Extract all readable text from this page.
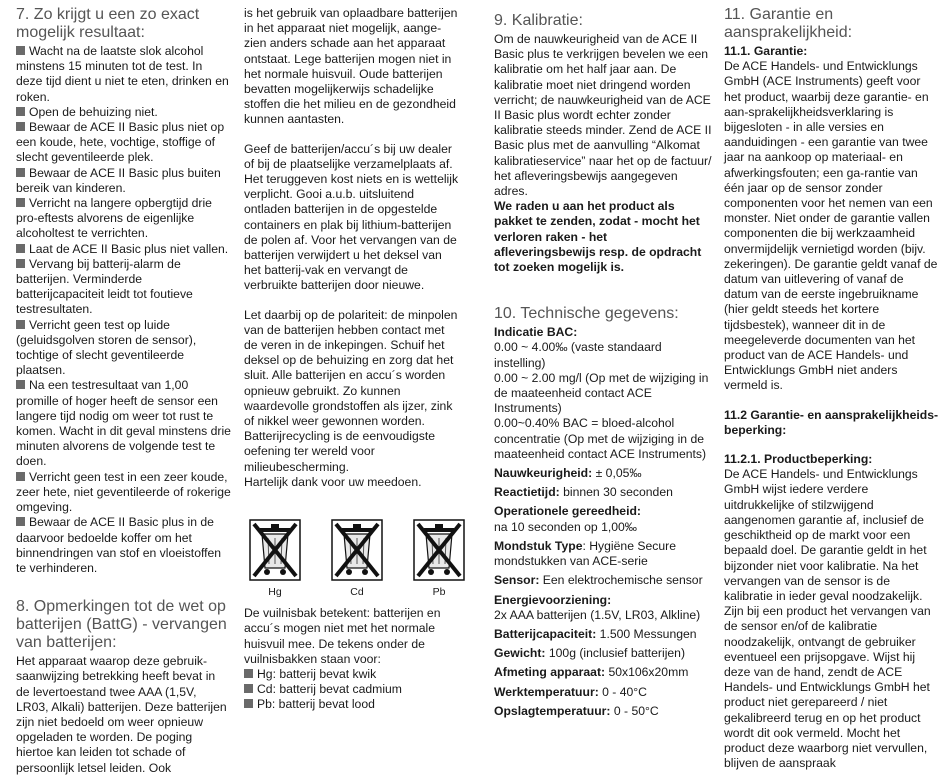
7. Zo krijgt u een zo exact mogelijk resultaat:

Wacht na de laatste slok alcohol minstens 15 minuten tot de test. In deze tijd dient u niet te eten, drinken en roken.

Open de behuizing niet.

Bewaar de ACE II Basic plus niet op een koude, hete, vochtige, stoffige of slecht geventileerde plek.

Bewaar de ACE II Basic plus buiten bereik van kinderen.

Verricht na langere opbergtijd drie pro-eftests alvorens de eigenlijke alcoholtest te verrichten.

Laat de ACE II Basic plus niet vallen.

Vervang bij batterij-alarm de batterijen. Verminderde batterijcapaciteit leidt tot foutieve testresultaten.

Verricht geen test op luide (geluidsgolven storen de sensor), tochtige of slecht geventileerde plaatsen.

Na een testresultaat van 1,00 promille of hoger heeft de sensor een langere tijd nodig om weer tot rust te komen. Wacht in dit geval minstens drie minuten alvorens de volgende test te doen.

Verricht geen test in een zeer koude, zeer hete, niet geventileerde of rokerige omgeving.

Bewaar de ACE II Basic plus in de daarvoor bedoelde koffer om het binnendringen van stof en vloeistoffen te verhinderen.

8. Opmerkingen tot de wet op batterijen (BattG) - vervangen van batterijen:

Het apparaat waarop deze gebruik-saanwijzing betrekking heeft bevat in de levertoestand twee AAA (1,5V, LR03, Alkali) batterijen. Deze batterijen zijn niet bedoeld om weer opnieuw opgeladen te worden. De poging hiertoe kan leiden tot schade of persoonlijk letsel leiden. Ook

is het gebruik van oplaadbare batterijen in het apparaat niet mogelijk, aange-zien anders schade aan het apparaat ontstaat. Lege batterijen mogen niet in het normale huisvuil. Oude batterijen bevatten mogelijkerwijs schadelijke stoffen die het milieu en de gezondheid kunnen aantasten.

Geef de batterijen/accu´s bij uw dealer of bij de plaatselijke verzamelplaats af. Het teruggeven kost niets en is wettelijk verplicht. Gooi a.u.b. uitsluitend ontladen batterijen in de opgestelde containers en plak bij lithium-batterijen de polen af. Voor het vervangen van de batterijen verwijdert u het deksel van het batterij-vak en vervangt de verbruikte batterijen door nieuwe.

Let daarbij op de polariteit: de minpolen van de batterijen hebben contact met de veren in de inkepingen. Schuif het deksel op de behuizing en zorg dat het sluit. Alle batterijen en accu´s worden opnieuw gebruikt. Zo kunnen waardevolle grondstoffen als ijzer, zink of nikkel weer gewonnen worden. Batterijrecycling is de eenvoudigste oefening ter wereld voor milieubescherming.

Hartelijk dank voor uw meedoen.

Hg	Cd	Pb

De vuilnisbak betekent: batterijen en accu´s mogen niet met het normale huisvuil mee. De tekens onder de vuilnisbakken staan voor:

Hg: batterij bevat kwik

Cd: batterij bevat cadmium

Pb: batterij bevat lood

9. Kalibratie:

Om de nauwkeurigheid van de ACE II Basic plus te verkrijgen bevelen we een kalibratie om het half jaar aan. De kalibratie moet niet dringend worden verricht; de nauwkeurigheid van de ACE II Basic plus wordt echter zonder kalibratie steeds minder. Zend de ACE II Basic plus met de aanvulling “Alkomat kalibratieservice” naar het op de factuur/ het afleveringsbewijs aangegeven adres.

We raden u aan het product als pakket te zenden, zodat - mocht het verloren raken - het afleveringsbewijs resp. de opdracht tot zoeken mogelijk is.

10. Technische gegevens:

Indicatie BAC:

0.00 ~ 4.00‰ (vaste standaard instelling)

0.00 ~ 2.00 mg/l (Op met de wijziging in de maateenheid contact ACE Instruments)

0.00~0.40% BAC = bloed-alcohol concentratie (Op met de wijziging in de maateenheid contact ACE Instruments)

Nauwkeurigheid: ± 0,05‰

Reactietijd: binnen 30 seconden

Operationele gereedheid:
na 10 seconden op 1,00‰

Mondstuk Type: Hygiëne Secure mondstukken van ACE-serie

Sensor: Een elektrochemische sensor

Energievoorziening:
2x AAA batterijen (1.5V, LR03, Alkline)

Batterijcapaciteit: 1.500 Messungen

Gewicht: 100g (inclusief batterijen)

Afmeting apparaat: 50x106x20mm

Werktemperatuur: 0 - 40°C

Opslagtemperatuur: 0 - 50°C

11. Garantie en aansprakelijkheid:

11.1. Garantie:

De ACE Handels- und Entwicklungs GmbH (ACE Instruments) geeft voor het product, waarbij deze garantie- en aan-sprakelijkheidsverklaring is bijgesloten - in alle versies en aanduidingen - een garantie van twee jaar na aankoop op materiaal- en afwerkingsfouten; een ga-rantie van één jaar op de sensor zonder componenten voor het nemen van een monster. Niet onder de garantie vallen componenten die bij werkzaamheid onvermijdelijk vernietigd worden (bijv. zekeringen). De garantie geldt vanaf de datum van uitlevering of vanaf de datum van de eerste ingebruikname (hier geldt steeds het kortere tijdsbestek), wanneer dit in de meegeleverde documenten van het product van de ACE Handels- und Entwicklungs GmbH niet anders vermeld is.

11.2 Garantie- en aansprakelijkheids-beperking:

11.2.1. Productbeperking:

De ACE Handels- und Entwicklungs GmbH wijst iedere verdere uitdrukkelijke of stilzwijgend aangenomen garantie af, inclusief de geschiktheid op de markt voor een bepaald doel. De garantie geldt in het bijzonder niet voor kalibratie. Na het vervangen van de sensor is de kalibratie in ieder geval noodzakelijk. Zijn bij een product het vervangen van de sensor en/of de kalibratie noodzakelijk, ontvangt de gebruiker eventueel een prijsopgave. Wijst hij deze van de hand, zendt de ACE Handels- und Entwicklungs GmbH het product niet gerepareerd / niet gekalibreerd terug en op het product wordt dit ook vermeld. Mocht het product deze waarborg niet vervullen, blijven de aanspraak
